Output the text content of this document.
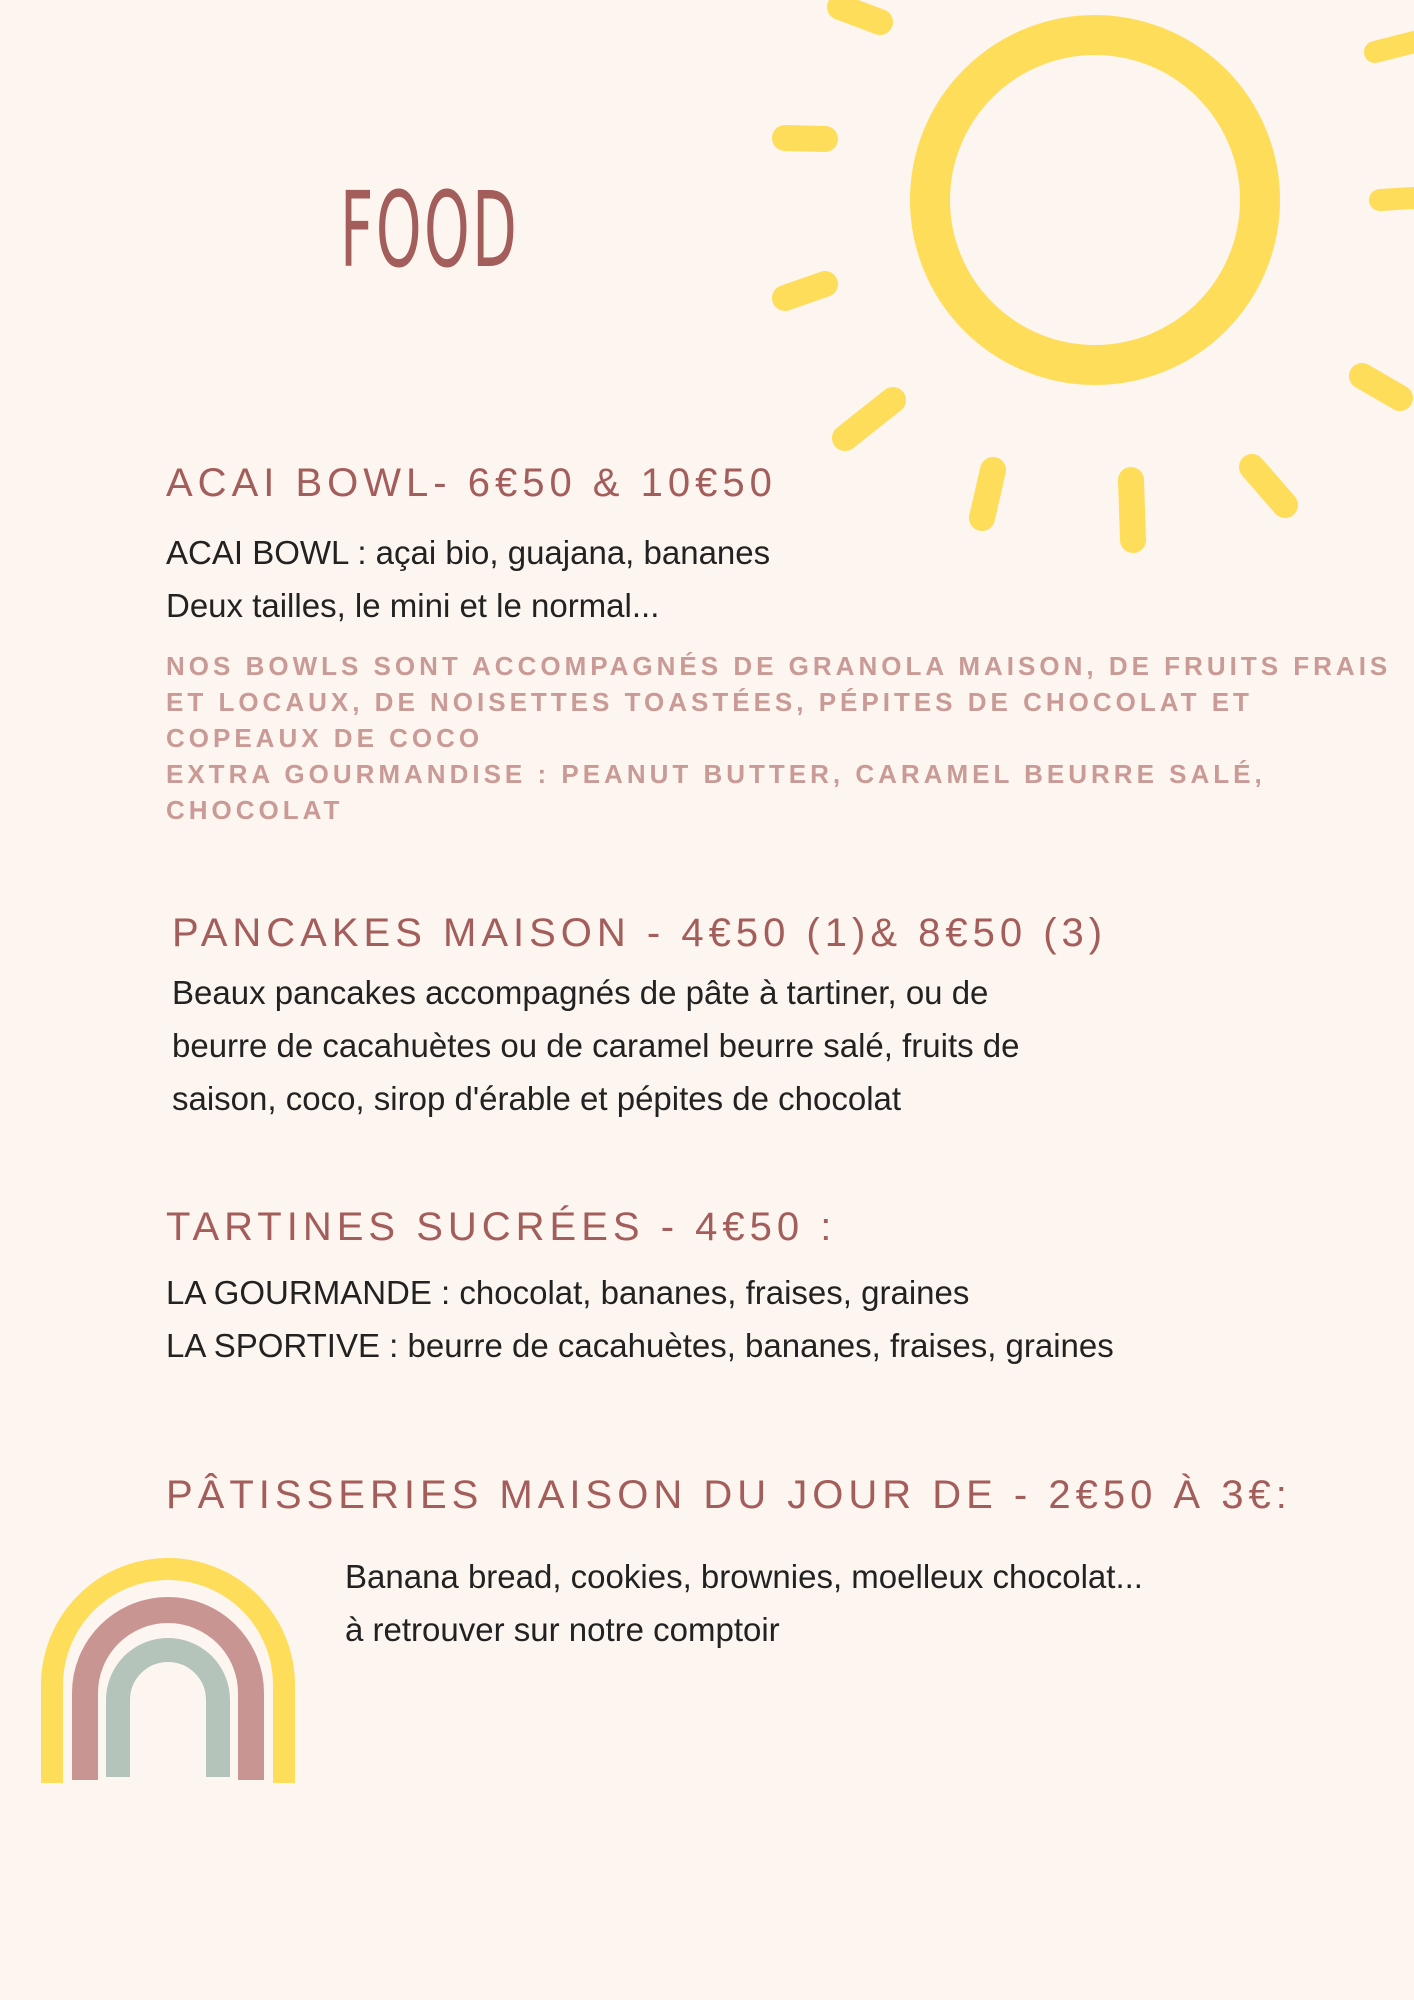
FOOD
ACAI BOWL- 6€50 & 10€50
ACAI BOWL : açai bio, guajana, bananes
Deux tailles, le mini et le normal...
NOS BOWLS SONT ACCOMPAGNÉS DE GRANOLA MAISON, DE FRUITS FRAIS ET LOCAUX, DE NOISETTES TOASTÉES, PÉPITES DE CHOCOLAT ET COPEAUX DE COCO
EXTRA GOURMANDISE : PEANUT BUTTER, CARAMEL BEURRE SALÉ, CHOCOLAT
PANCAKES MAISON - 4€50 (1)& 8€50 (3)
Beaux pancakes accompagnés de pâte à tartiner, ou de
beurre de cacahuètes ou de caramel beurre salé, fruits de
saison, coco, sirop d'érable et pépites de chocolat
TARTINES SUCRÉES - 4€50 :
LA GOURMANDE : chocolat, bananes, fraises, graines
LA SPORTIVE : beurre de cacahuètes, bananes, fraises, graines
PÂTISSERIES MAISON DU JOUR DE - 2€50 À 3€:
Banana bread, cookies, brownies, moelleux chocolat...
à retrouver sur notre comptoir
